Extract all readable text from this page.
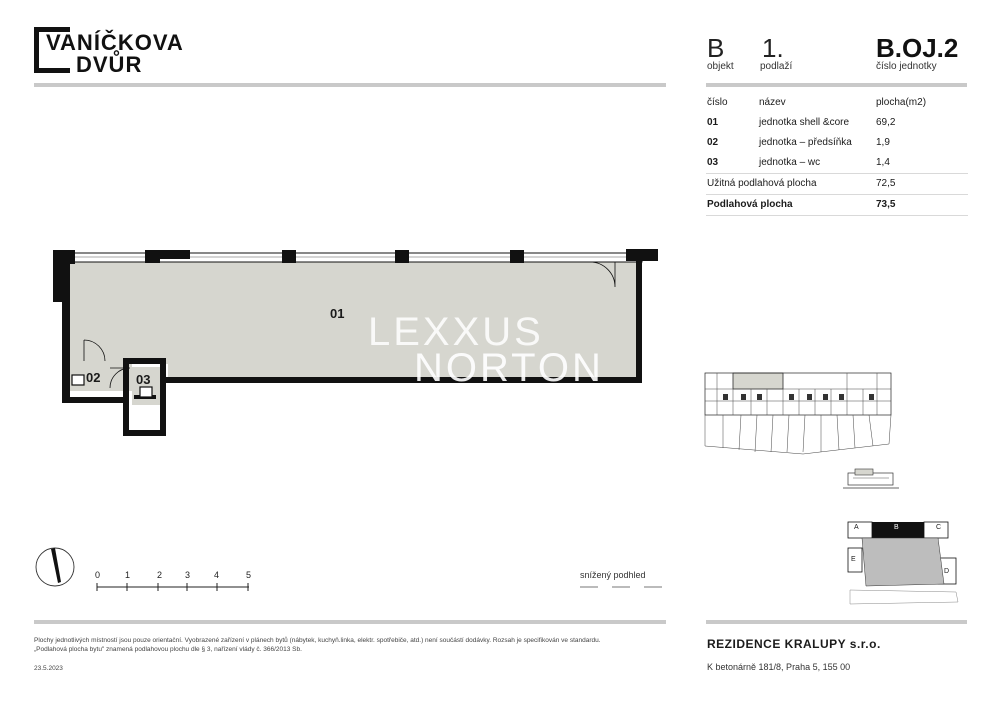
VANÍČKOVA
DVŮR
B
objekt
1.
podlaží
B.OJ.2
číslo jednotky
číslo	název	plocha(m2)
01	jednotka shell &core	69,2
02	jednotka – předsíňka 1,9
03	jednotka – wc	1,4
Užitná podlahová plocha	72,5
Podlahová plocha	73,5
01
02	03
LEXXUS
NORTON
A	B	C
D
E
0	1	2	3	4	5	snížený podhled
Plochy jednotlivých místností jsou pouze orientační. Vyobrazené zařízení v plánech bytů (nábytek, kuchyň.linka, elektr. spotřebiče, atd.) není součástí dodávky. Rozsah je specifikován ve standardu.
„Podlahová plocha bytu" znamená podlahovou plochu dle § 3, nařízení vlády č. 366/2013 Sb.
23.5.2023
REZIDENCE KRALUPY s.r.o.
K betonárně 181/8, Praha 5, 155 00
